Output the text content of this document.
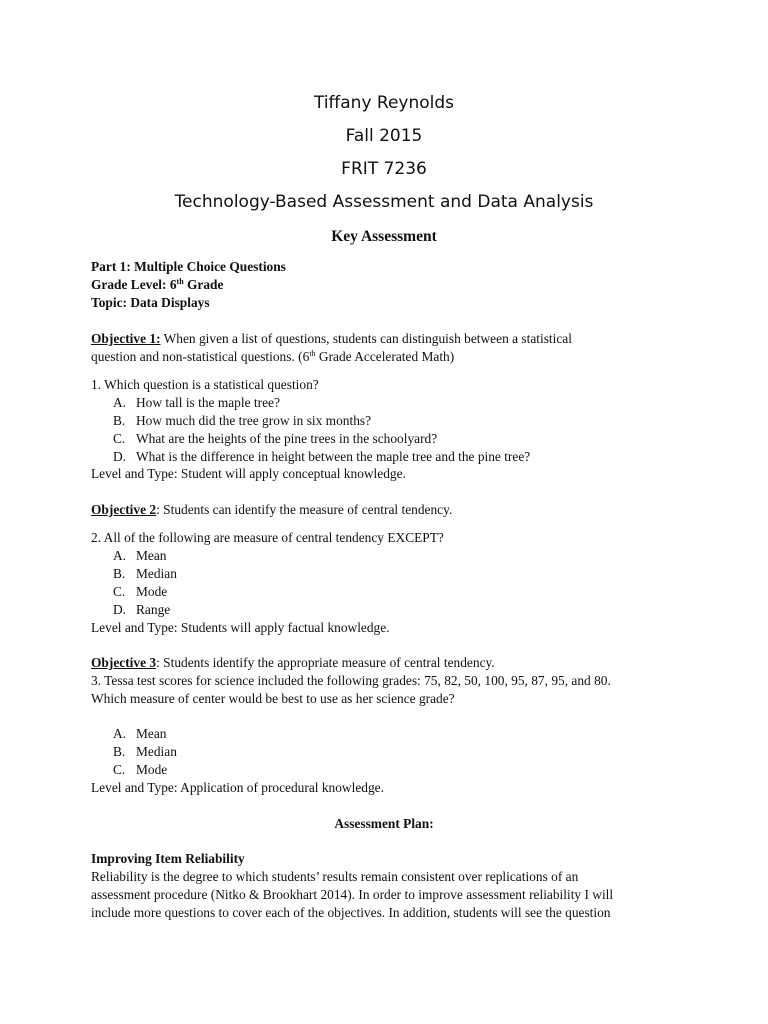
Tiffany Reynolds
Fall 2015
FRIT 7236
Technology-Based Assessment and Data Analysis
Key Assessment
Part 1: Multiple Choice Questions
Grade Level: 6th Grade
Topic: Data Displays
Objective 1: When given a list of questions, students can distinguish between a statistical
question and non-statistical questions. (6th Grade Accelerated Math)
1. Which question is a statistical question?
A. How tall is the maple tree?
B. How much did the tree grow in six months?
C. What are the heights of the pine trees in the schoolyard?
D. What is the difference in height between the maple tree and the pine tree?
Level and Type: Student will apply conceptual knowledge.
Objective 2: Students can identify the measure of central tendency.
2. All of the following are measure of central tendency EXCEPT?
A. Mean
B. Median
C. Mode
D. Range
Level and Type: Students will apply factual knowledge.
Objective 3: Students identify the appropriate measure of central tendency.
3. Tessa test scores for science included the following grades: 75, 82, 50, 100, 95, 87, 95, and 80.
Which measure of center would be best to use as her science grade?
A. Mean
B. Median
C. Mode
Level and Type: Application of procedural knowledge.
Assessment Plan:
Improving Item Reliability
Reliability is the degree to which students’ results remain consistent over replications of an
assessment procedure (Nitko & Brookhart 2014). In order to improve assessment reliability I will
include more questions to cover each of the objectives. In addition, students will see the question
